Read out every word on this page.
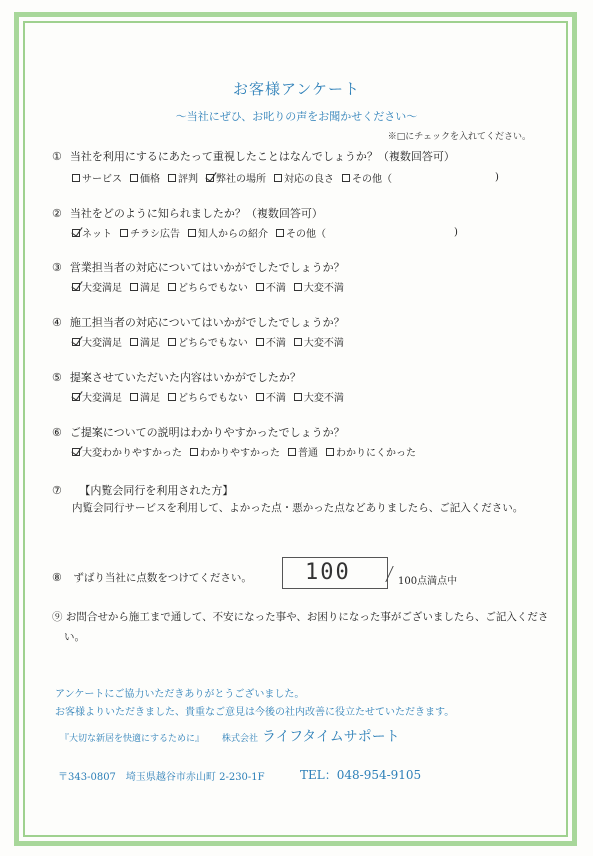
お客様アンケート
～当社にぜひ、お叱りの声をお聞かせください～
※□にチェックを入れてください。
① 当社を利用にするにあたって重視したことはなんでしょうか？（複数回答可）
サービス 価格 評判 弊社の場所 対応の良さ その他（	)
② 当社をどのように知られましたか？（複数回答可）
ネット チラシ広告 知人からの紹介 その他（	)
③ 営業担当者の対応についてはいかがでしたでしょうか？
大変満足 満足 どちらでもない 不満 大変不満
④ 施工担当者の対応についてはいかがでしたでしょうか？
大変満足 満足 どちらでもない 不満 大変不満
⑤ 提案させていただいた内容はいかがでしたか？
大変満足 満足 どちらでもない 不満 大変不満
⑥ ご提案についての説明はわかりやすかったでしょうか？
大変わかりやすかった わかりやすかった 普通 わかりにくかった
⑦ 【内覧会同行を利用された方】
内覧会同行サービスを利用して、よかった点・悪かった点などありましたら、ご記入ください。
⑧ ずばり当社に点数をつけてください。 100	100点満点中
⑨ お問合せから施工まで通して、不安になった事や、お困りになった事がございましたら、ご記入くださ
い。
アンケートにご協力いただきありがとうございました。
お客様よりいただきました、貴重なご意見は今後の社内改善に役立たせていただきます。
『大切な新居を快適にするために』 株式会社 ライフタイムサポート
〒343-0807　埼玉県越谷市赤山町 2-230-1F	TEL：048-954-9105
